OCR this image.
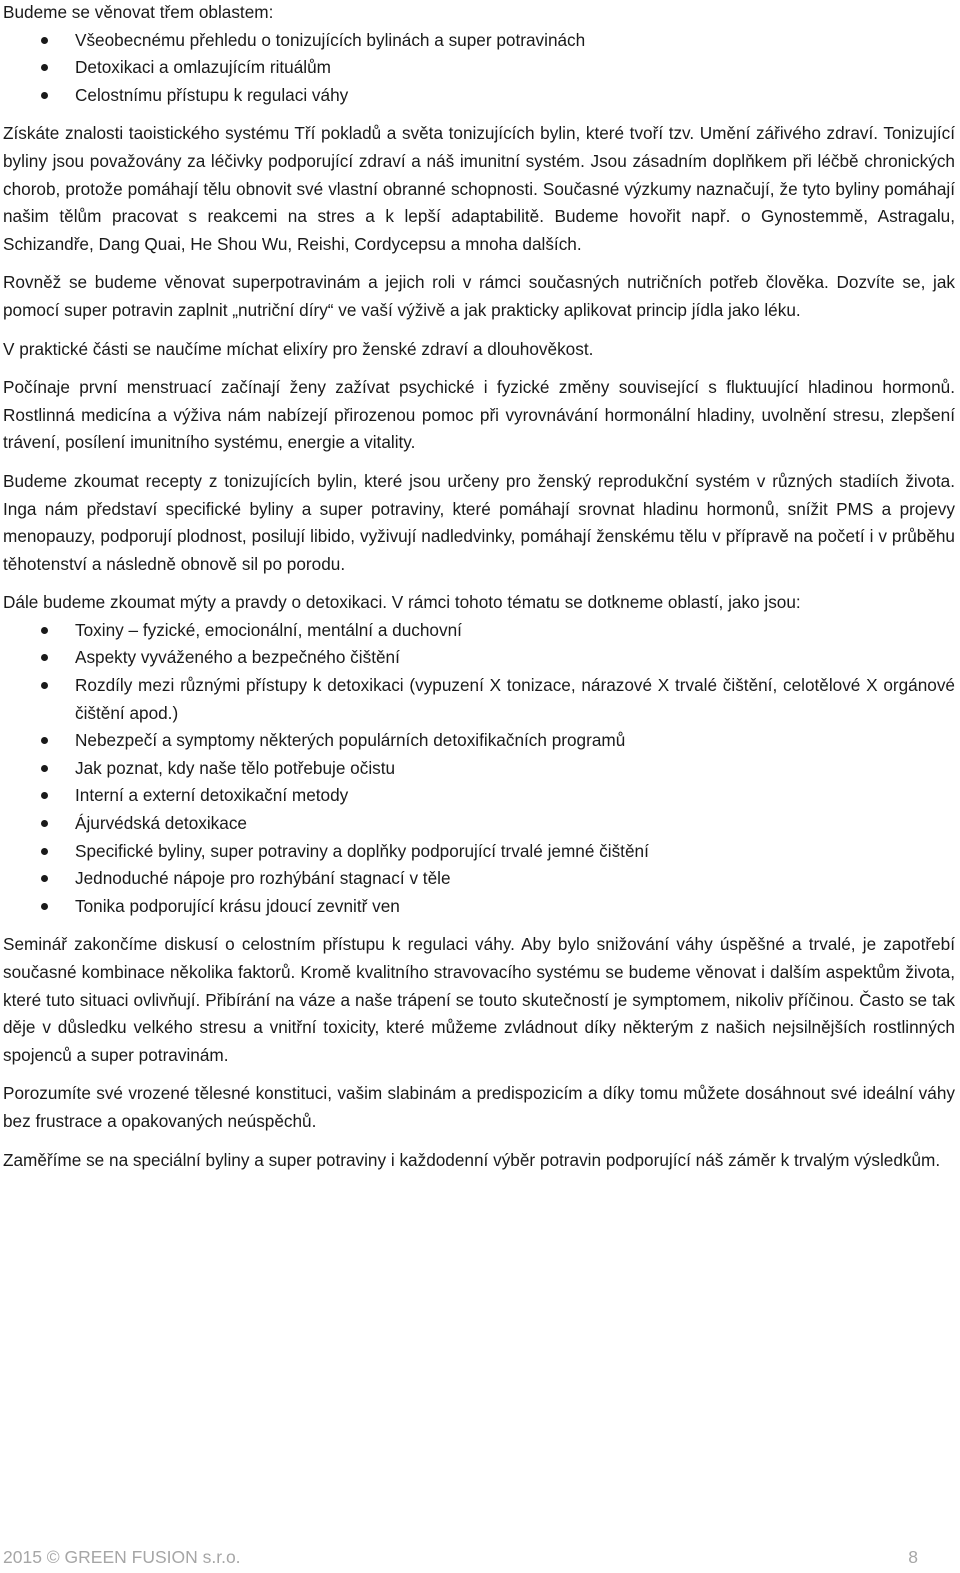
Budeme se věnovat třem oblastem:

Všeobecnému přehledu o tonizujících bylinách a super potravinách
Detoxikaci a omlazujícím rituálům
Celostnímu přístupu k regulaci váhy

Získáte znalosti taoistického systému Tří pokladů a světa tonizujících bylin, které tvoří tzv. Umění zářivého zdraví. Tonizující byliny jsou považovány za léčivky podporující zdraví a náš imunitní systém. Jsou zásadním doplňkem při léčbě chronických chorob, protože pomáhají tělu obnovit své vlastní obranné schopnosti. Současné výzkumy naznačují, že tyto byliny pomáhají našim tělům pracovat s reakcemi na stres a k lepší adaptabilitě. Budeme hovořit např. o Gynostemmě, Astragalu, Schizandře, Dang Quai, He Shou Wu, Reishi, Cordycepsu a mnoha dalších.

Rovněž se budeme věnovat superpotravinám a jejich roli v rámci současných nutričních potřeb člověka. Dozvíte se, jak pomocí super potravin zaplnit „nutriční díry“ ve vaší výživě a jak prakticky aplikovat princip jídla jako léku.

V praktické části se naučíme míchat elixíry pro ženské zdraví a dlouhověkost.

Počínaje první menstruací začínají ženy zažívat psychické i fyzické změny související s fluktuující hladinou hormonů. Rostlinná medicína a výživa nám nabízejí přirozenou pomoc při vyrovnávání hormonální hladiny, uvolnění stresu, zlepšení trávení, posílení imunitního systému, energie a vitality.

Budeme zkoumat recepty z tonizujících bylin, které jsou určeny pro ženský reprodukční systém v různých stadiích života. Inga nám představí specifické byliny a super potraviny, které pomáhají srovnat hladinu hormonů, snížit PMS a projevy menopauzy, podporují plodnost, posilují libido, vyživují nadledvinky, pomáhají ženskému tělu v přípravě na početí i v průběhu těhotenství a následně obnově sil po porodu.

Dále budeme zkoumat mýty a pravdy o detoxikaci. V rámci tohoto tématu se dotkneme oblastí, jako jsou:

Toxiny – fyzické, emocionální, mentální a duchovní
Aspekty vyváženého a bezpečného čištění
Rozdíly mezi různými přístupy k detoxikaci (vypuzení X tonizace, nárazové X trvalé čištění, celotělové X orgánové čištění apod.)
Nebezpečí a symptomy některých populárních detoxifikačních programů
Jak poznat, kdy naše tělo potřebuje očistu
Interní a externí detoxikační metody
Ájurvédská detoxikace
Specifické byliny, super potraviny a doplňky podporující trvalé jemné čištění
Jednoduché nápoje pro rozhýbání stagnací v těle
Tonika podporující krásu jdoucí zevnitř ven

Seminář zakončíme diskusí o celostním přístupu k regulaci váhy. Aby bylo snižování váhy úspěšné a trvalé, je zapotřebí současné kombinace několika faktorů. Kromě kvalitního stravovacího systému se budeme věnovat i dalším aspektům života, které tuto situaci ovlivňují. Přibírání na váze a naše trápení se touto skutečností je symptomem, nikoliv příčinou. Často se tak děje v důsledku velkého stresu a vnitřní toxicity, které můžeme zvládnout díky některým z našich nejsilnějších rostlinných spojenců a super potravinám.

Porozumíte své vrozené tělesné konstituci, vašim slabinám a predispozicím a díky tomu můžete dosáhnout své ideální váhy bez frustrace a opakovaných neúspěchů.

Zaměříme se na speciální byliny a super potraviny i každodenní výběr potravin podporující náš záměr k trvalým výsledkům.

2015 © GREEN FUSION s.r.o.	8
